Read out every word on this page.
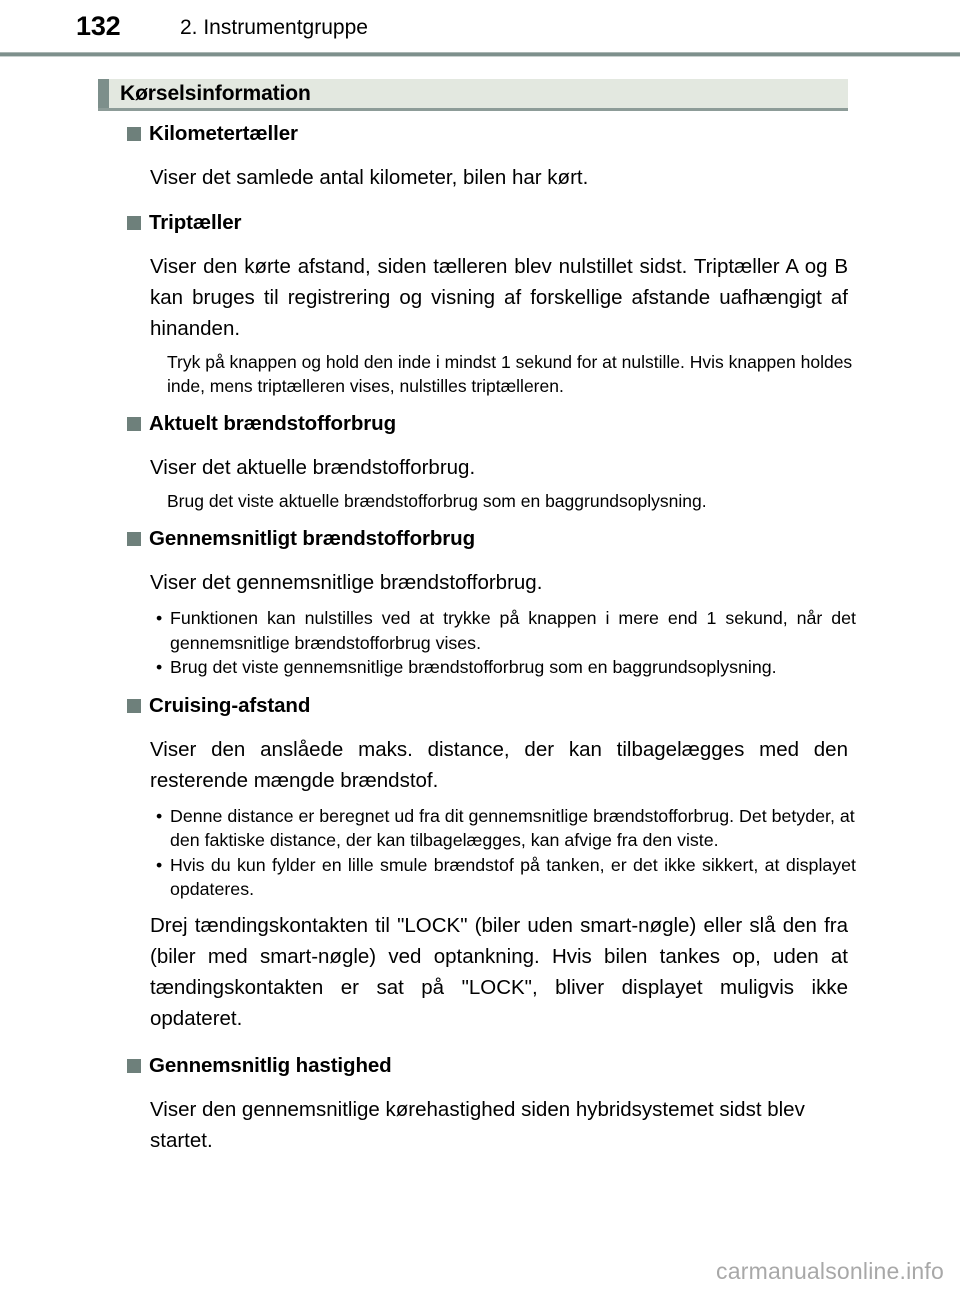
132	2. Instrumentgruppe
Kørselsinformation
Kilometertæller

Viser det samlede antal kilometer, bilen har kørt.

Triptæller

Viser den kørte afstand, siden tælleren blev nulstillet sidst. Triptæller A og B kan bruges til registrering og visning af forskellige afstande uafhængigt af hinanden.

Tryk på knappen og hold den inde i mindst 1 sekund for at nulstille. Hvis knappen holdes inde, mens triptælleren vises, nulstilles triptælleren.

Aktuelt brændstofforbrug

Viser det aktuelle brændstofforbrug.

Brug det viste aktuelle brændstofforbrug som en baggrundsoplysning.

Gennemsnitligt brændstofforbrug

Viser det gennemsnitlige brændstofforbrug.

• Funktionen kan nulstilles ved at trykke på knappen i mere end 1 sekund, når det gennemsnitlige brændstofforbrug vises.
• Brug det viste gennemsnitlige brændstofforbrug som en baggrundsoplysning.
Cruising-afstand

Viser den anslåede maks. distance, der kan tilbagelægges med den resterende mængde brændstof.

• Denne distance er beregnet ud fra dit gennemsnitlige brændstofforbrug. Det betyder, at den faktiske distance, der kan tilbagelægges, kan afvige fra den viste.
• Hvis du kun fylder en lille smule brændstof på tanken, er det ikke sikkert, at displayet opdateres.

Drej tændingskontakten til "LOCK" (biler uden smart-nøgle) eller slå den fra (biler med smart-nøgle) ved optankning. Hvis bilen tankes op, uden at tændingskontakten er sat på "LOCK", bliver displayet muligvis ikke opdateret.

Gennemsnitlig hastighed

Viser den gennemsnitlige kørehastighed siden hybridsystemet sidst blev startet.

carmanualsonline.info
